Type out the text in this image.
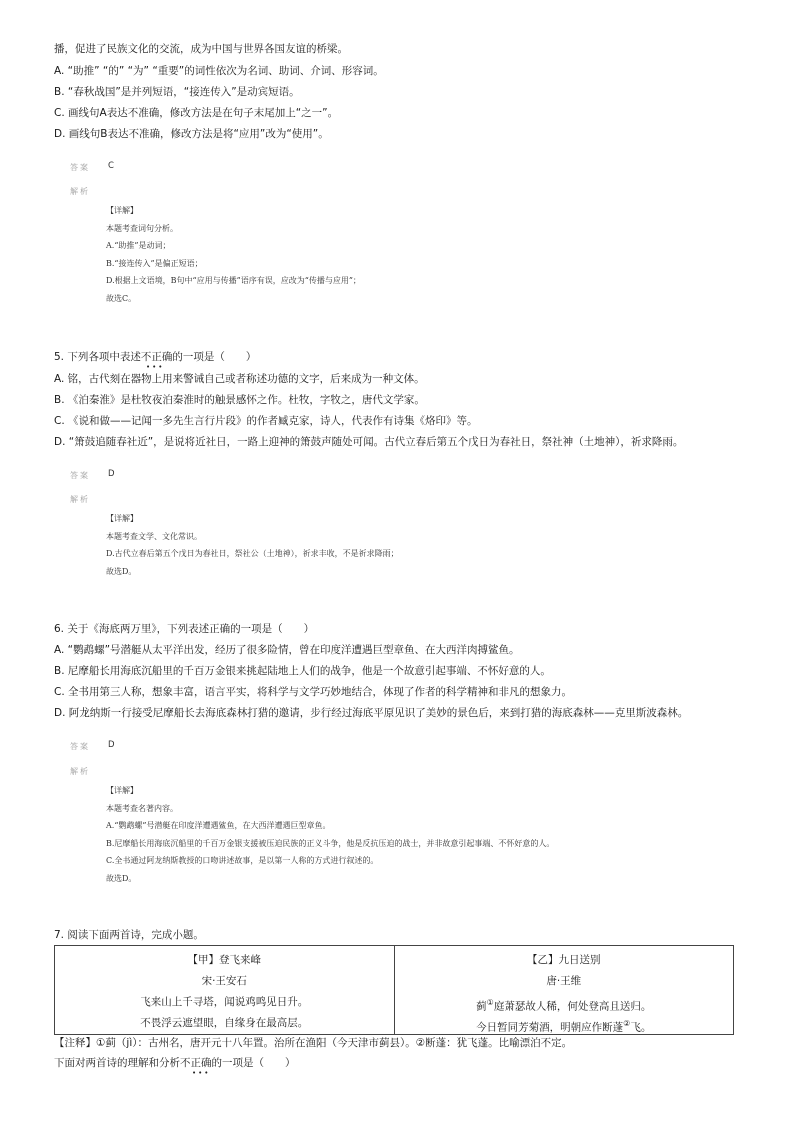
播，促进了民族文化的交流，成为中国与世界各国友谊的桥梁。
A. “助推” “的” “为” “重要”的词性依次为名词、助词、介词、形容词。
B. “春秋战国”是并列短语，“接连传入”是动宾短语。
C. 画线句A表达不准确，修改方法是在句子末尾加上“之一”。
D. 画线句B表达不准确，修改方法是将“应用”改为“使用”。
答案 C
解析
【详解】
本题考查词句分析。
A.“助推”是动词；
B.“接连传入”是偏正短语；
D.根据上文语境，B句中“应用与传播”语序有误，应改为“传播与应用”；
故选C。
5. 下列各项中表述不正确的一项是（　　）
•••
A. 铭，古代刻在器物上用来警诫自己或者称述功德的文字，后来成为一种文体。
B. 《泊秦淮》是杜牧夜泊秦淮时的触景感怀之作。杜牧，字牧之，唐代文学家。
C. 《说和做——记闻一多先生言行片段》的作者臧克家，诗人，代表作有诗集《烙印》等。
D. “箫鼓追随春社近”，是说将近社日，一路上迎神的箫鼓声随处可闻。古代立春后第五个戊日为春社日，祭社神（土地神），祈求降雨。
答案 D
解析
【详解】
本题考查文学、文化常识。
D.古代立春后第五个戊日为春社日，祭社公（土地神），祈求丰收，不是祈求降雨；
故选D。
6. 关于《海底两万里》，下列表述正确的一项是（　　）
A. “鹦鹉螺”号潜艇从太平洋出发，经历了很多险情，曾在印度洋遭遇巨型章鱼、在大西洋肉搏鲨鱼。
B. 尼摩船长用海底沉船里的千百万金银来挑起陆地上人们的战争，他是一个故意引起事端、不怀好意的人。
C. 全书用第三人称，想象丰富，语言平实，将科学与文学巧妙地结合，体现了作者的科学精神和非凡的想象力。
D. 阿龙纳斯一行接受尼摩船长去海底森林打猎的邀请，步行经过海底平原见识了美妙的景色后，来到打猎的海底森林——克里斯波森林。
答案 D
解析
【详解】
本题考查名著内容。
A.“鹦鹉螺”号潜艇在印度洋遭遇鲨鱼，在大西洋遭遇巨型章鱼。
B.尼摩船长用海底沉船里的千百万金银支援被压迫民族的正义斗争，他是反抗压迫的战士，并非故意引起事端、不怀好意的人。
C.全书通过阿龙纳斯教授的口吻讲述故事，是以第一人称的方式进行叙述的。
故选D。
7. 阅读下面两首诗，完成小题。
【甲】登飞来峰
宋·王安石
飞来山上千寻塔，闻说鸡鸣见日升。
不畏浮云遮望眼，自缘身在最高层。

【乙】九日送别
唐·王维
蓟①庭萧瑟故人稀，何处登高且送归。
今日暂同芳菊酒，明朝应作断蓬②飞。
【注释】①蓟（jì）：古州名，唐开元十八年置。治所在渔阳（今天津市蓟县）。②断蓬：犹飞蓬。比喻漂泊不定。
下面对两首诗的理解和分析不正确的一项是（　　）
•••
